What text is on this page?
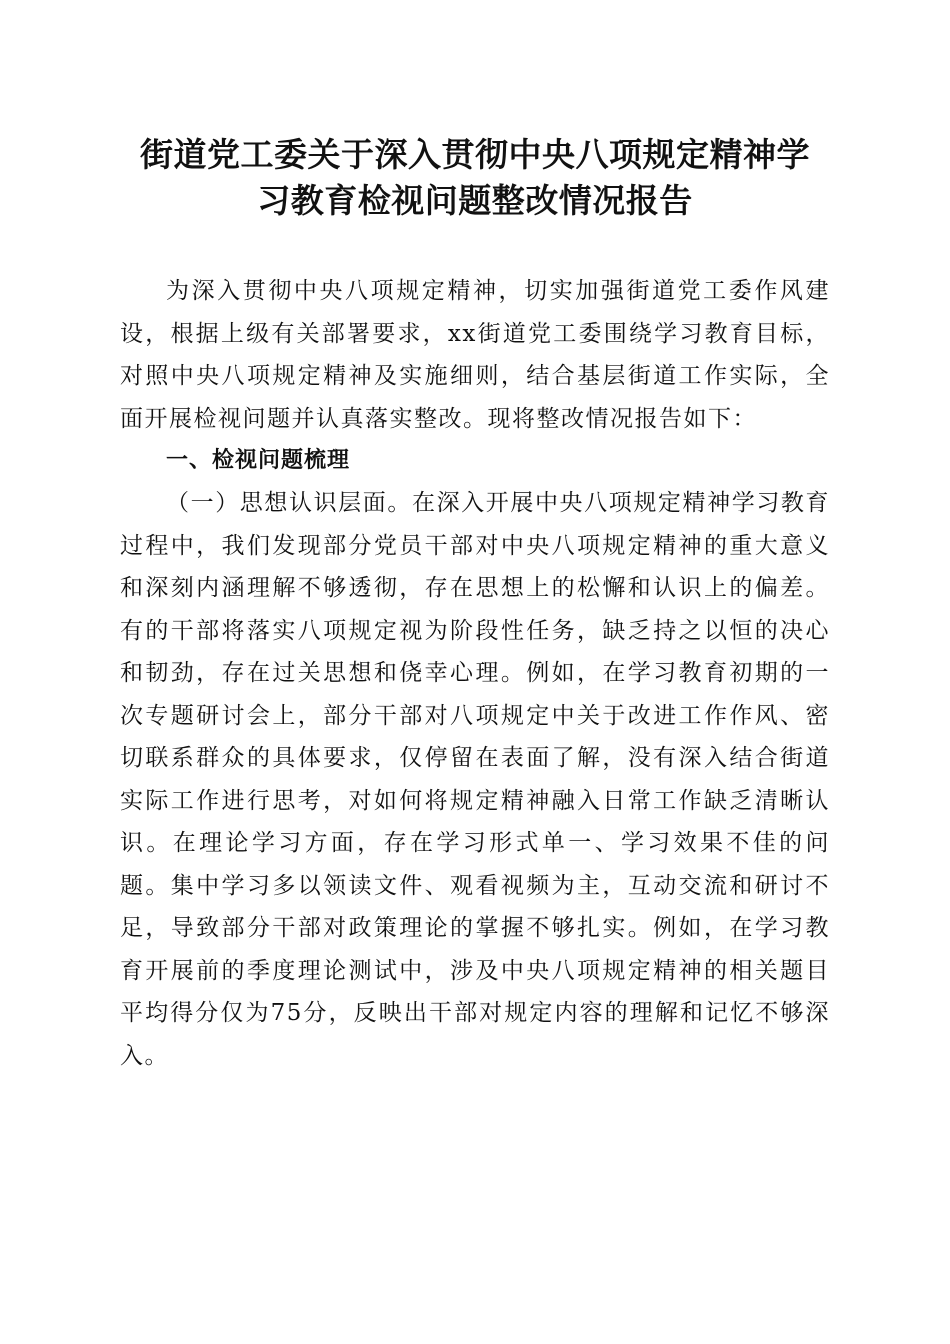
街道党工委关于深入贯彻中央八项规定精神学
习教育检视问题整改情况报告

为深入贯彻中央八项规定精神，切实加强街道党工委作风建设，根据上级有关部署要求，xx街道党工委围绕学习教育目标，对照中央八项规定精神及实施细则，结合基层街道工作实际，全面开展检视问题并认真落实整改。现将整改情况报告如下：

一、检视问题梳理

（一）思想认识层面。在深入开展中央八项规定精神学习教育过程中，我们发现部分党员干部对中央八项规定精神的重大意义和深刻内涵理解不够透彻，存在思想上的松懈和认识上的偏差。有的干部将落实八项规定视为阶段性任务，缺乏持之以恒的决心和韧劲，存在过关思想和侥幸心理。例如，在学习教育初期的一次专题研讨会上，部分干部对八项规定中关于改进工作作风、密切联系群众的具体要求，仅停留在表面了解，没有深入结合街道实际工作进行思考，对如何将规定精神融入日常工作缺乏清晰认识。在理论学习方面，存在学习形式单一、学习效果不佳的问题。集中学习多以领读文件、观看视频为主，互动交流和研讨不足，导致部分干部对政策理论的掌握不够扎实。例如，在学习教育开展前的季度理论测试中，涉及中央八项规定精神的相关题目平均得分仅为75分，反映出干部对规定内容的理解和记忆不够深入。
